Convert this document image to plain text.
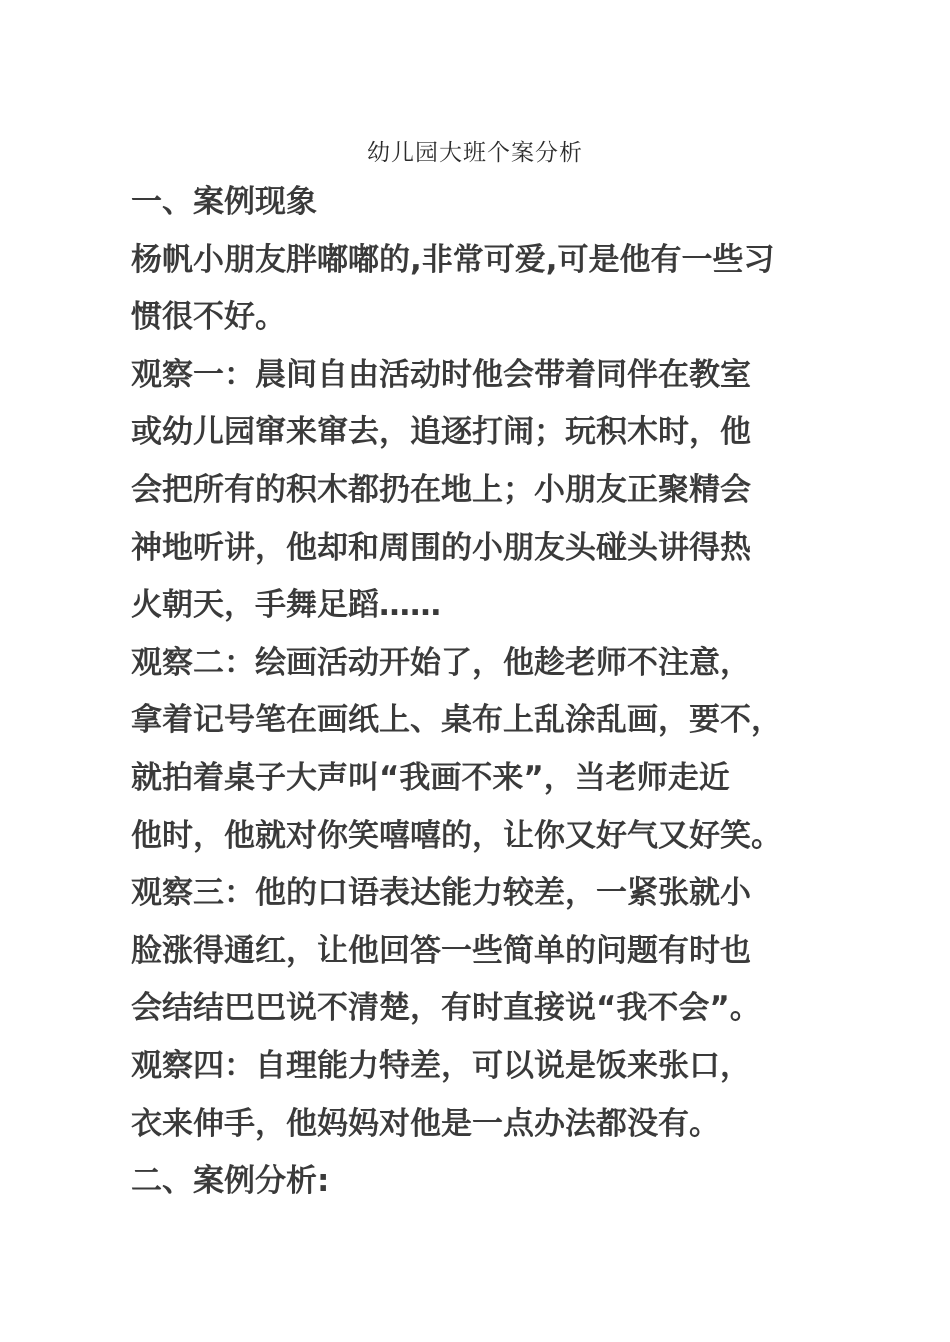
幼儿园大班个案分析
一、案例现象
杨帆小朋友胖嘟嘟的,非常可爱,可是他有一些习
惯很不好。
观察一：晨间自由活动时他会带着同伴在教室
或幼儿园窜来窜去，追逐打闹；玩积木时，他
会把所有的积木都扔在地上；小朋友正聚精会
神地听讲，他却和周围的小朋友头碰头讲得热
火朝天，手舞足蹈……
观察二：绘画活动开始了，他趁老师不注意，
拿着记号笔在画纸上、桌布上乱涂乱画，要不，
就拍着桌子大声叫“我画不来”，当老师走近
他时，他就对你笑嘻嘻的，让你又好气又好笑。
观察三：他的口语表达能力较差，一紧张就小
脸涨得通红，让他回答一些简单的问题有时也
会结结巴巴说不清楚，有时直接说“我不会”。
观察四：自理能力特差，可以说是饭来张口，
衣来伸手，他妈妈对他是一点办法都没有。
二、案例分析:
